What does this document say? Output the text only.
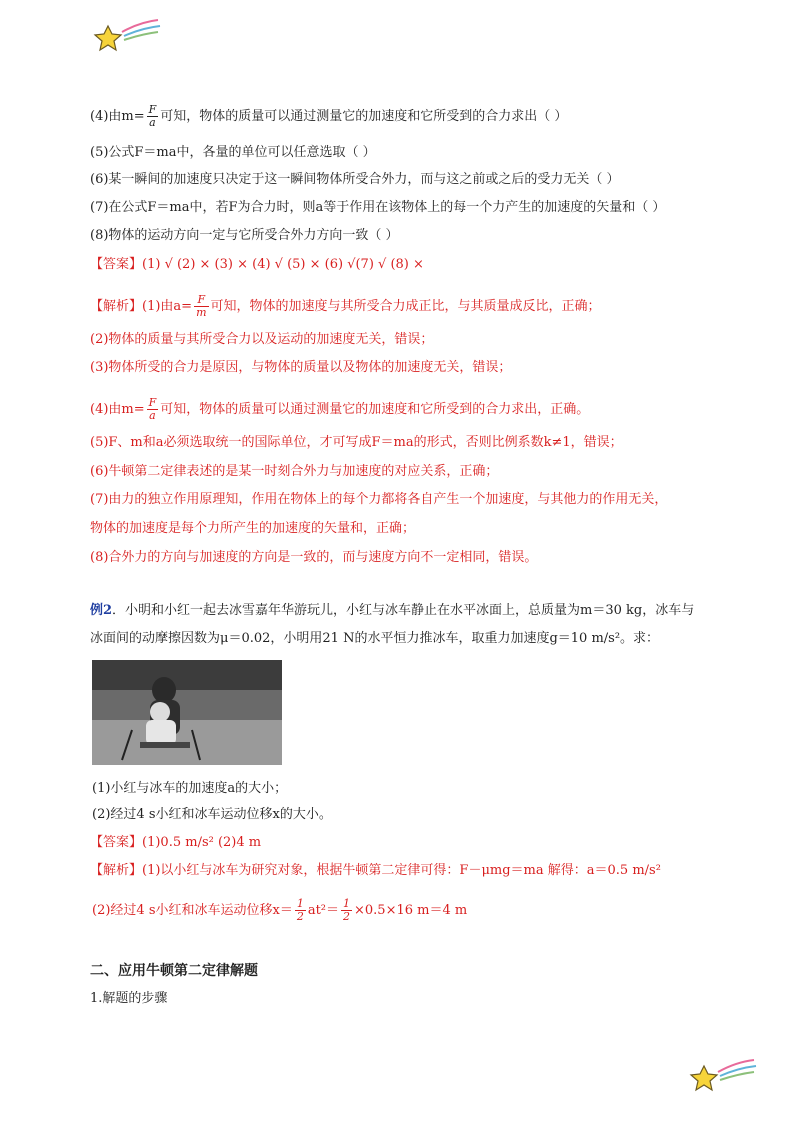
(4)由$m= \frac{F}{a}$ 可知，物体的质量可以通过测量它的加速度和它所受到的合力求出（ ）
(5)公式F＝ma中，各量的单位可以任意选取（ ）
(6)某一瞬间的加速度只决定于这一瞬间物体所受合外力，而与这之前或之后的受力无关（ ）
(7)在公式F＝ma中，若F为合力时，则a等于作用在该物体上的每一个力产生的加速度的矢量和（ ）
(8)物体的运动方向一定与它所受合外力方向一致（ ）
【答案】(1) √ (2) × (3) × (4) √ (5) × (6) √(7) √ (8) ×
【解析】(1)由$a= \frac{F}{m}$ 可知，物体的加速度与其所受合力成正比，与其质量成反比，正确；
(2)物体的质量与其所受合力以及运动的加速度无关，错误；
(3)物体所受的合力是原因，与物体的质量以及物体的加速度无关，错误；
(4)由$m= \frac{F}{a}$ 可知，物体的质量可以通过测量它的加速度和它所受到的合力求出，正确。
(5)F、m和a必须选取统一的国际单位，才可写成F＝ma的形式，否则比例系数k≠1，错误；
(6)牛顿第二定律表述的是某一时刻合外力与加速度的对应关系，正确；
(7)由力的独立作用原理知，作用在物体上的每个力都将各自产生一个加速度，与其他力的作用无关，
物体的加速度是每个力所产生的加速度的矢量和，正确；
(8)合外力的方向与加速度的方向是一致的，而与速度方向不一定相同，错误。
例2．小明和小红一起去冰雪嘉年华游玩儿，小红与冰车静止在水平冰面上，总质量为m＝30 kg，冰车与
冰面间的动摩擦因数为μ＝0.02，小明用21 N的水平恒力推冰车，取重力加速度g＝10 m/s²。求：
(1)小红与冰车的加速度a的大小；
(2)经过4 s小红和冰车运动位移x的大小。
【答案】(1)0.5 m/s² (2)4 m
【解析】(1)以小红与冰车为研究对象，根据牛顿第二定律可得：F－μmg＝ma 解得：a＝0.5 m/s²
(2)经过4 s小红和冰车运动位移$x= \frac{1}{2} at^2= \frac{1}{2} \times 0.5\times 16$ m＝4 m
二、应用牛顿第二定律解题
1.解题的步骤
